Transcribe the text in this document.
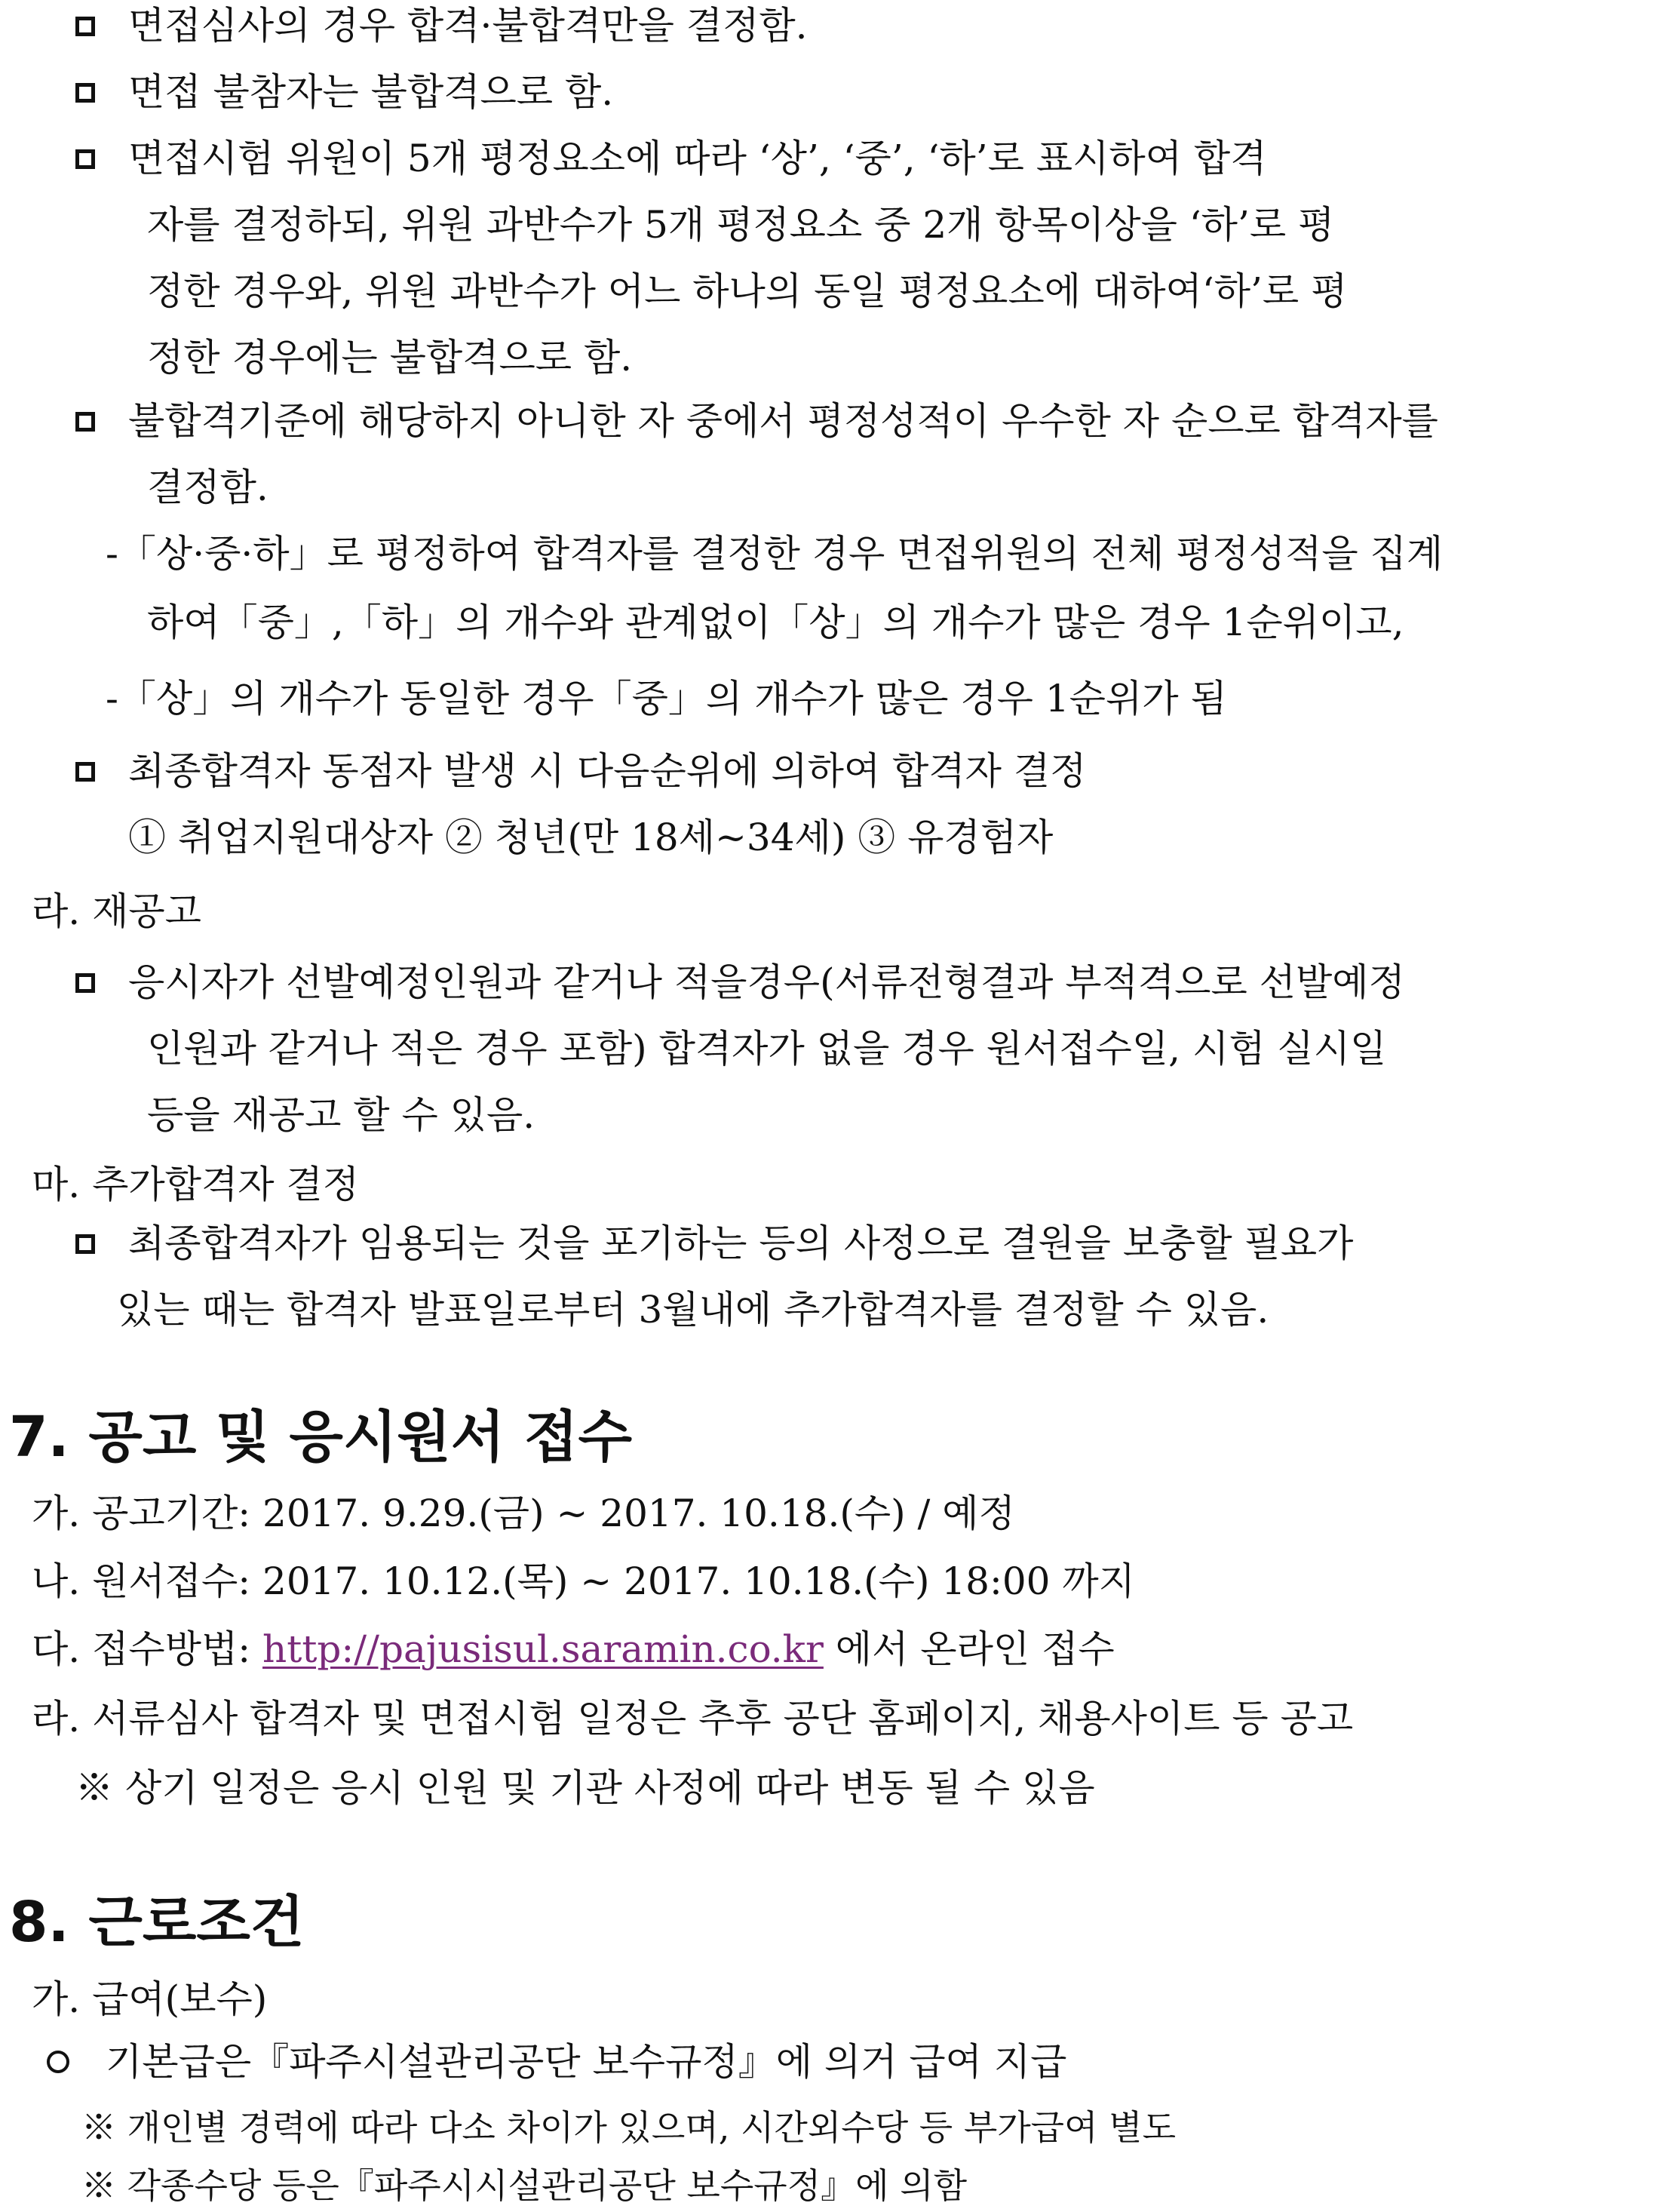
면접심사의 경우 합격·불합격만을 결정함.
면접 불참자는 불합격으로 함.
면접시험 위원이 5개 평정요소에 따라 ‘상’, ‘중’, ‘하’로 표시하여 합격
자를 결정하되, 위원 과반수가 5개 평정요소 중 2개 항목이상을 ‘하’로 평
정한 경우와, 위원 과반수가 어느 하나의 동일 평정요소에 대하여‘하’로 평
정한 경우에는 불합격으로 함.
불합격기준에 해당하지 아니한 자 중에서 평정성적이 우수한 자 순으로 합격자를
결정함.
-「상·중·하」로 평정하여 합격자를 결정한 경우 면접위원의 전체 평정성적을 집계
하여「중」,「하」의 개수와 관계없이「상」의 개수가 많은 경우 1순위이고,
-「상」의 개수가 동일한 경우「중」의 개수가 많은 경우 1순위가 됨
최종합격자 동점자 발생 시 다음순위에 의하여 합격자 결정
① 취업지원대상자 ② 청년(만 18세~34세) ③ 유경험자
라. 재공고
응시자가 선발예정인원과 같거나 적을경우(서류전형결과 부적격으로 선발예정
인원과 같거나 적은 경우 포함) 합격자가 없을 경우 원서접수일, 시험 실시일
등을 재공고 할 수 있음.
마. 추가합격자 결정
최종합격자가 임용되는 것을 포기하는 등의 사정으로 결원을 보충할 필요가
있는 때는 합격자 발표일로부터 3월내에 추가합격자를 결정할 수 있음.
7. 공고 및 응시원서 접수
가. 공고기간: 2017. 9.29.(금) ~ 2017. 10.18.(수) / 예정
나. 원서접수: 2017. 10.12.(목) ~ 2017. 10.18.(수) 18:00 까지
다. 접수방법: http://pajusisul.saramin.co.kr 에서 온라인 접수
라. 서류심사 합격자 및 면접시험 일정은 추후 공단 홈페이지, 채용사이트 등 공고
※ 상기 일정은 응시 인원 및 기관 사정에 따라 변동 될 수 있음
8. 근로조건
가. 급여(보수)
기본급은『파주시설관리공단 보수규정』에 의거 급여 지급
※ 개인별 경력에 따라 다소 차이가 있으며, 시간외수당 등 부가급여 별도
※ 각종수당 등은『파주시시설관리공단 보수규정』에 의함
